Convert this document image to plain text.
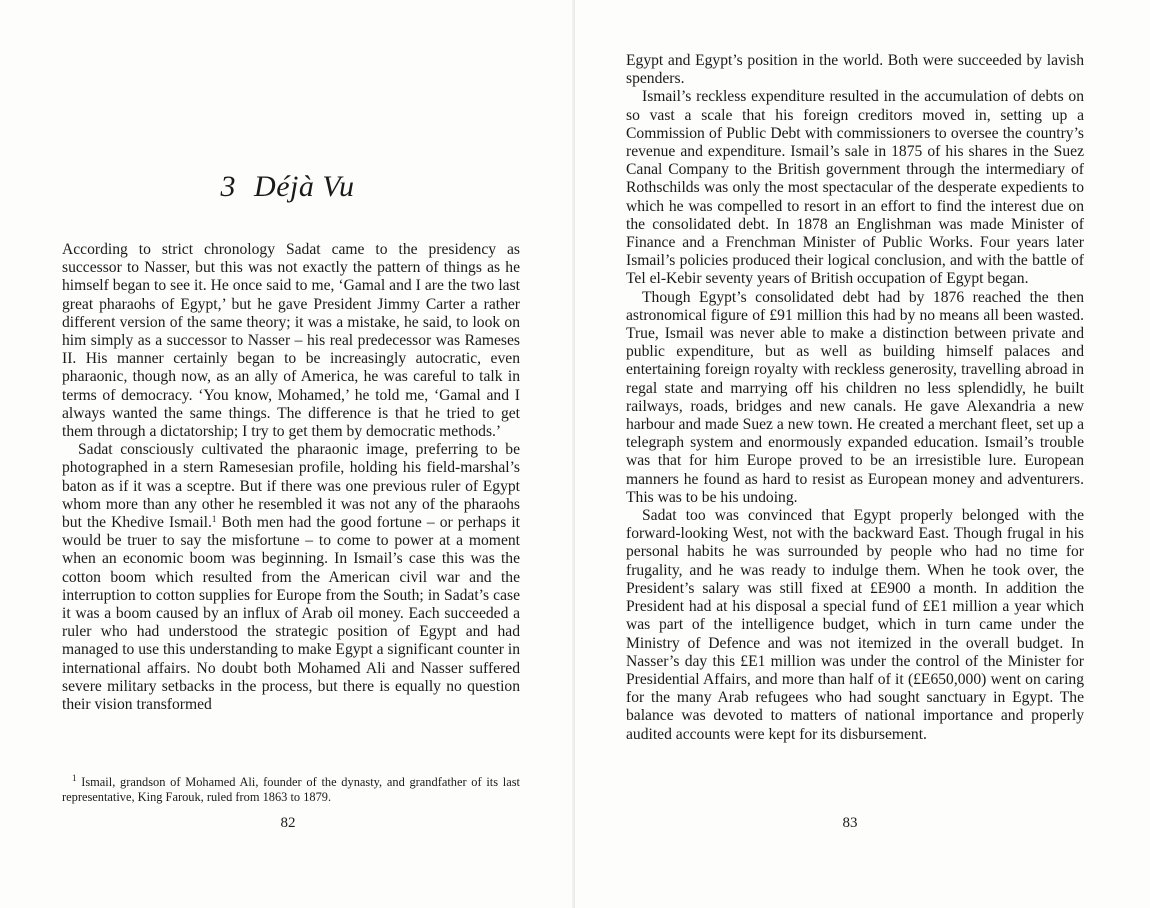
3 Déjà Vu

According to strict chronology Sadat came to the presidency as successor to Nasser, but this was not exactly the pattern of things as he himself began to see it. He once said to me, ‘Gamal and I are the two last great pharaohs of Egypt,’ but he gave President Jimmy Carter a rather different version of the same theory; it was a mistake, he said, to look on him simply as a successor to Nasser – his real predecessor was Rameses II. His manner certainly began to be increasingly autocratic, even pharaonic, though now, as an ally of America, he was careful to talk in terms of democracy. ‘You know, Mohamed,’ he told me, ‘Gamal and I always wanted the same things. The difference is that he tried to get them through a dictatorship; I try to get them by democratic methods.’

Sadat consciously cultivated the pharaonic image, preferring to be photographed in a stern Ramesesian profile, holding his field-marshal’s baton as if it was a sceptre. But if there was one previous ruler of Egypt whom more than any other he resembled it was not any of the pharaohs but the Khedive Ismail.$^1$ Both men had the good fortune – or perhaps it would be truer to say the misfortune – to come to power at a moment when an economic boom was beginning. In Ismail’s case this was the cotton boom which resulted from the American civil war and the interruption to cotton supplies for Europe from the South; in Sadat’s case it was a boom caused by an influx of Arab oil money. Each succeeded a ruler who had understood the strategic position of Egypt and had managed to use this understanding to make Egypt a significant counter in international affairs. No doubt both Mohamed Ali and Nasser suffered severe military setbacks in the process, but there is equally no question their vision transformed

$^1$ Ismail, grandson of Mohamed Ali, founder of the dynasty, and grandfather of its last representative, King Farouk, ruled from 1863 to 1879.
82	83

Egypt and Egypt’s position in the world. Both were succeeded by lavish spenders.

Ismail’s reckless expenditure resulted in the accumulation of debts on so vast a scale that his foreign creditors moved in, setting up a Commission of Public Debt with commissioners to oversee the country’s revenue and expenditure. Ismail’s sale in 1875 of his shares in the Suez Canal Company to the British government through the intermediary of Rothschilds was only the most spectacular of the desperate expedients to which he was compelled to resort in an effort to find the interest due on the consolidated debt. In 1878 an Englishman was made Minister of Finance and a Frenchman Minister of Public Works. Four years later Ismail’s policies produced their logical conclusion, and with the battle of Tel el-Kebir seventy years of British occupation of Egypt began.

Though Egypt’s consolidated debt had by 1876 reached the then astronomical figure of £91 million this had by no means all been wasted. True, Ismail was never able to make a distinction between private and public expenditure, but as well as building himself palaces and entertaining foreign royalty with reckless generosity, travelling abroad in regal state and marrying off his children no less splendidly, he built railways, roads, bridges and new canals. He gave Alexandria a new harbour and made Suez a new town. He created a merchant fleet, set up a telegraph system and enormously expanded education. Ismail’s trouble was that for him Europe proved to be an irresistible lure. European manners he found as hard to resist as European money and adventurers. This was to be his undoing.

Sadat too was convinced that Egypt properly belonged with the forward-looking West, not with the backward East. Though frugal in his personal habits he was surrounded by people who had no time for frugality, and he was ready to indulge them. When he took over, the President’s salary was still fixed at £E900 a month. In addition the President had at his disposal a special fund of £E1 million a year which was part of the intelligence budget, which in turn came under the Ministry of Defence and was not itemized in the overall budget. In Nasser’s day this £E1 million was under the control of the Minister for Presidential Affairs, and more than half of it (£E650,000) went on caring for the many Arab refugees who had sought sanctuary in Egypt. The balance was devoted to matters of national importance and properly audited accounts were kept for its disbursement.
